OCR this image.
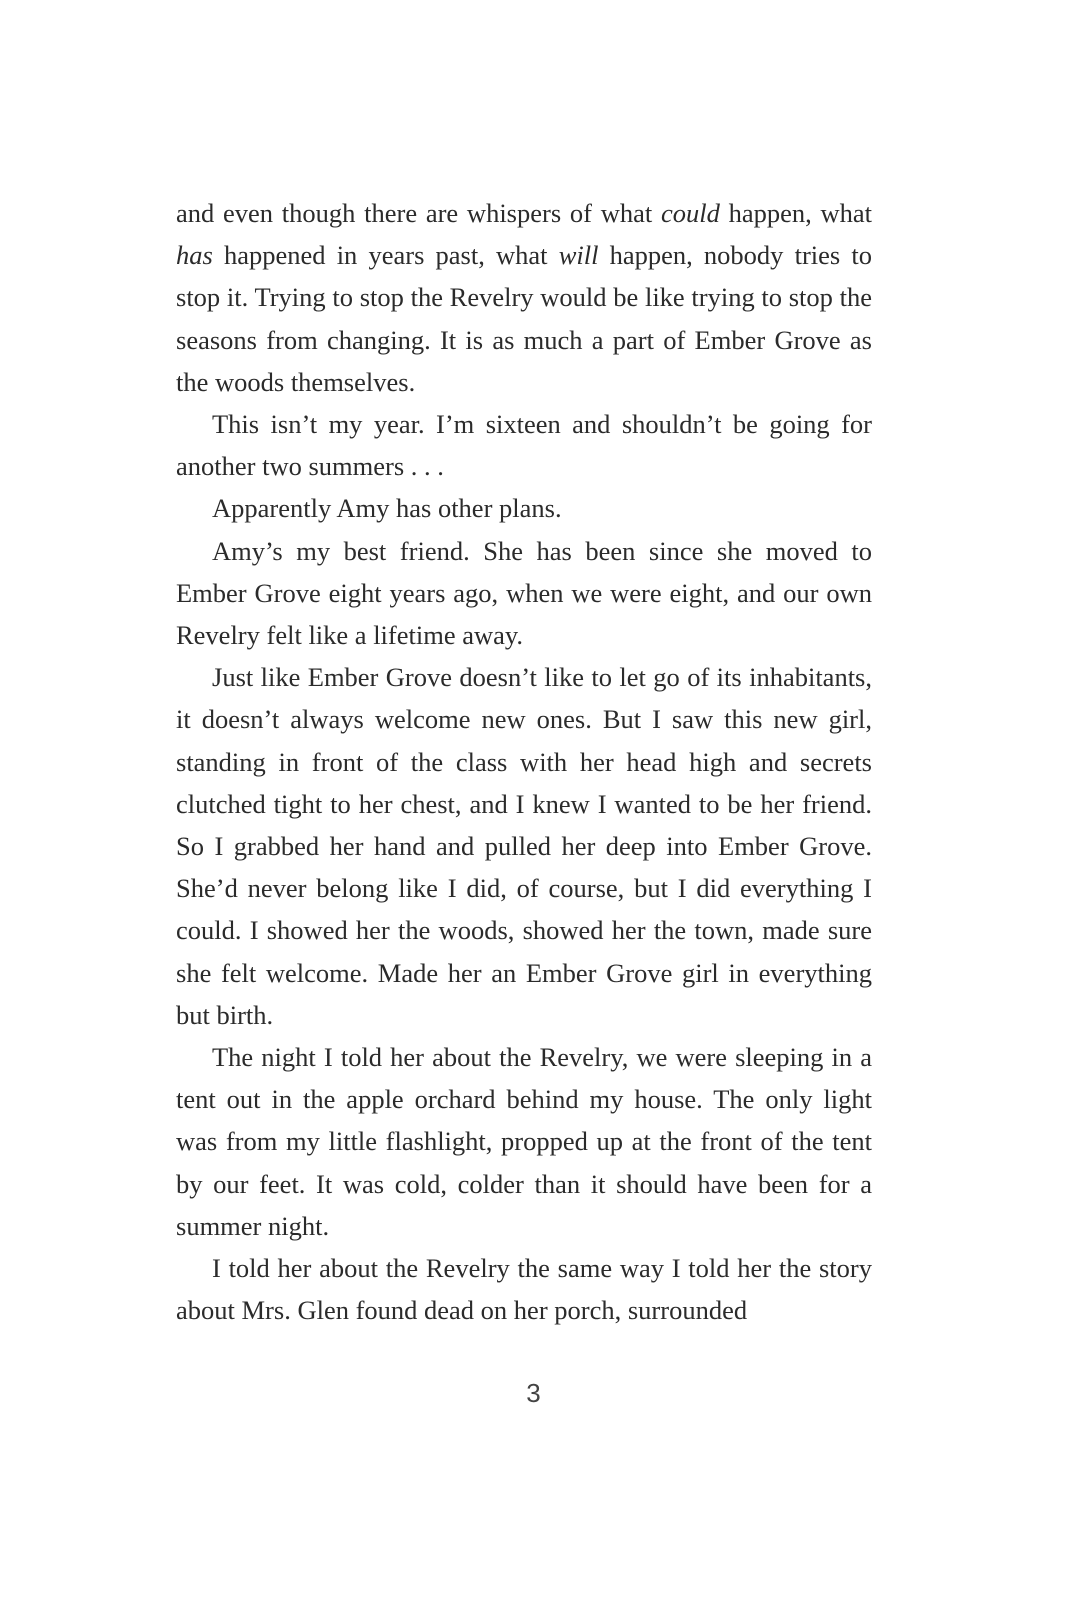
and even though there are whispers of what could happen, what has happened in years past, what will happen, nobody tries to stop it. Trying to stop the Revelry would be like trying to stop the seasons from changing. It is as much a part of Ember Grove as the woods themselves.

This isn’t my year. I’m sixteen and shouldn’t be going for another two summers . . .

Apparently Amy has other plans.

Amy’s my best friend. She has been since she moved to Ember Grove eight years ago, when we were eight, and our own Revelry felt like a lifetime away.

Just like Ember Grove doesn’t like to let go of its inhabitants, it doesn’t always welcome new ones. But I saw this new girl, standing in front of the class with her head high and secrets clutched tight to her chest, and I knew I wanted to be her friend. So I grabbed her hand and pulled her deep into Ember Grove. She’d never belong like I did, of course, but I did everything I could. I showed her the woods, showed her the town, made sure she felt welcome. Made her an Ember Grove girl in everything but birth.

The night I told her about the Revelry, we were sleeping in a tent out in the apple orchard behind my house. The only light was from my little flashlight, propped up at the front of the tent by our feet. It was cold, colder than it should have been for a summer night.

I told her about the Revelry the same way I told her the story about Mrs. Glen found dead on her porch, surrounded

3
